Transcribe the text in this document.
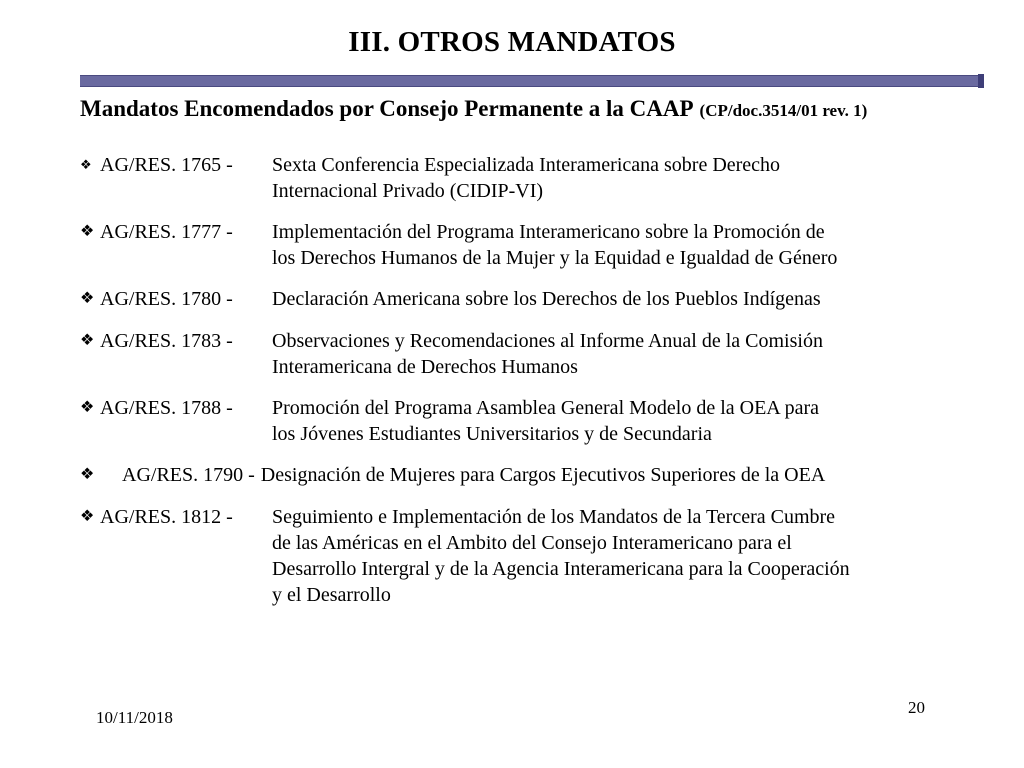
III. OTROS MANDATOS
Mandatos Encomendados por Consejo Permanente a la CAAP (CP/doc.3514/01 rev. 1)
❖ AG/RES. 1765 -	Sexta Conferencia Especializada Interamericana sobre Derecho
Internacional Privado (CIDIP-VI)
❖ AG/RES. 1777 -	Implementación del Programa Interamericano sobre la Promoción de
los Derechos Humanos de la Mujer y la Equidad e Igualdad de Género
❖ AG/RES. 1780 -	Declaración Americana sobre los Derechos de los Pueblos Indígenas
❖ AG/RES. 1783 -	Observaciones y Recomendaciones al Informe Anual de la Comisión
Interamericana de Derechos Humanos
❖ AG/RES. 1788 -	Promoción del Programa Asamblea General Modelo de la OEA para
los Jóvenes Estudiantes Universitarios y de Secundaria
❖	AG/RES. 1790 - Designación de Mujeres para Cargos Ejecutivos Superiores de la OEA
❖ AG/RES. 1812 -	Seguimiento e Implementación de los Mandatos de la Tercera Cumbre
de las Américas en el Ambito del Consejo Interamericano para el
Desarrollo Intergral y de la Agencia Interamericana para la Cooperación
y el Desarrollo
10/11/2018
20
